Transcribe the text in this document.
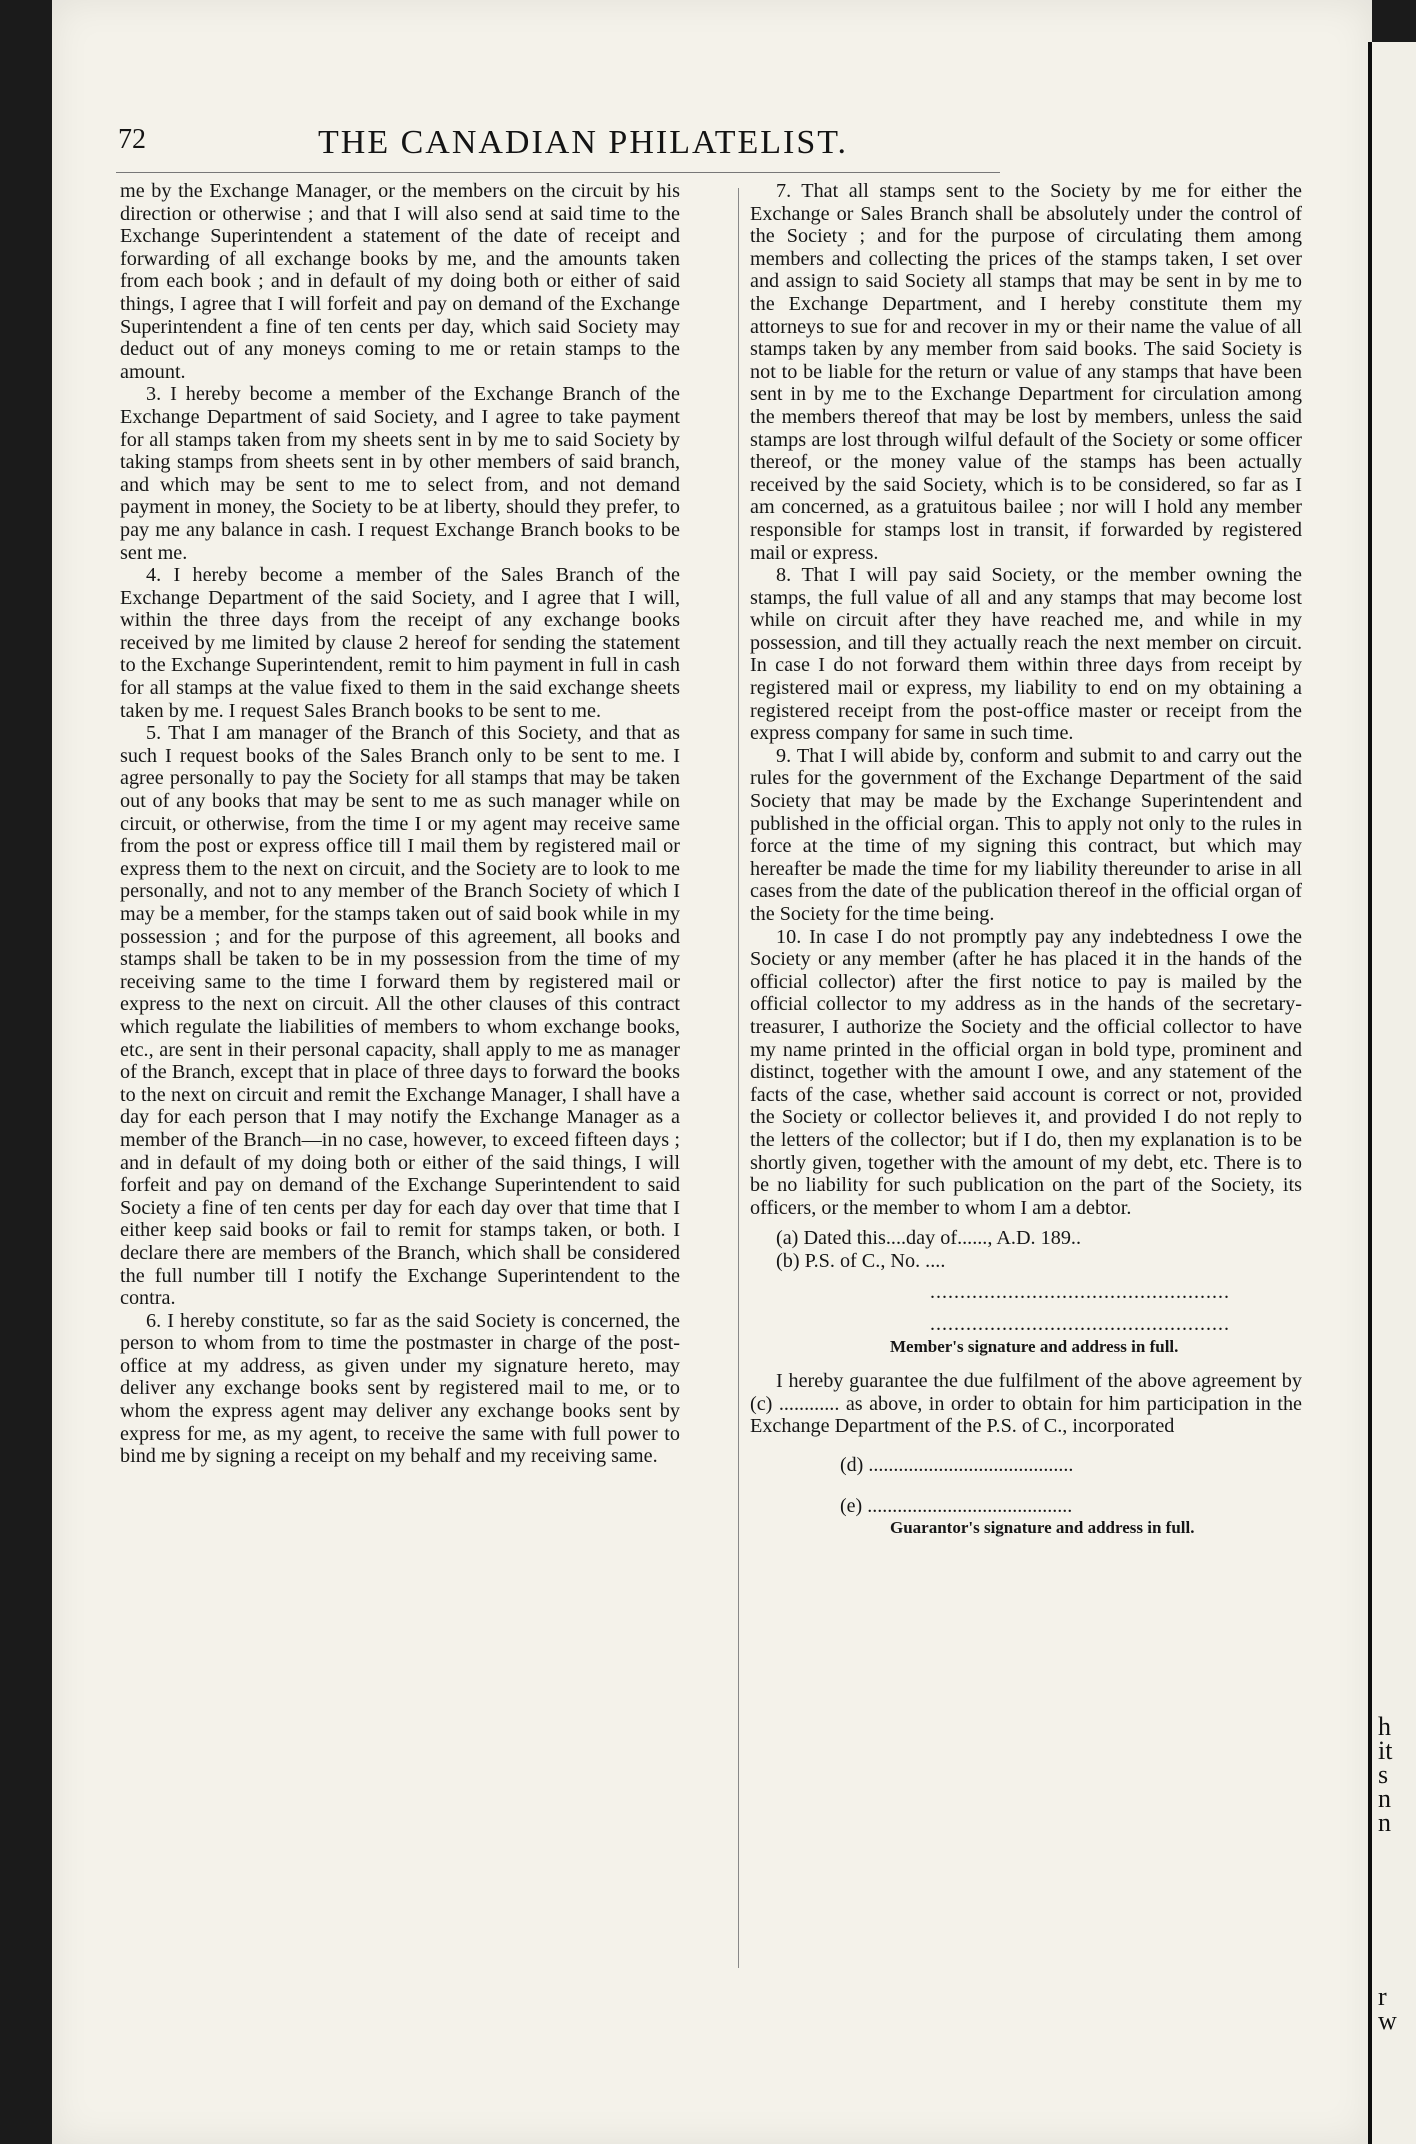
h
it
s
n
n
r
w
72	THE CANADIAN PHILATELIST.

me by the Exchange Manager, or the members on the circuit by his direction or otherwise ; and that I will also send at said time to the Exchange Superintendent a statement of the date of receipt and forwarding of all exchange books by me, and the amounts taken from each book ; and in default of my doing both or either of said things, I agree that I will forfeit and pay on demand of the Exchange Superintendent a fine of ten cents per day, which said Society may deduct out of any moneys coming to me or retain stamps to the amount.

3. I hereby become a member of the Exchange Branch of the Exchange Department of said Society, and I agree to take payment for all stamps taken from my sheets sent in by me to said Society by taking stamps from sheets sent in by other members of said branch, and which may be sent to me to select from, and not demand payment in money, the Society to be at liberty, should they prefer, to pay me any balance in cash. I request Exchange Branch books to be sent me.

4. I hereby become a member of the Sales Branch of the Exchange Department of the said Society, and I agree that I will, within the three days from the receipt of any exchange books received by me limited by clause 2 hereof for sending the statement to the Exchange Superintendent, remit to him payment in full in cash for all stamps at the value fixed to them in the said exchange sheets taken by me. I request Sales Branch books to be sent to me.

5. That I am manager of the Branch of this Society, and that as such I request books of the Sales Branch only to be sent to me. I agree personally to pay the Society for all stamps that may be taken out of any books that may be sent to me as such manager while on circuit, or otherwise, from the time I or my agent may receive same from the post or express office till I mail them by registered mail or express them to the next on circuit, and the Society are to look to me personally, and not to any member of the Branch Society of which I may be a member, for the stamps taken out of said book while in my possession ; and for the purpose of this agreement, all books and stamps shall be taken to be in my possession from the time of my receiving same to the time I forward them by registered mail or express to the next on circuit. All the other clauses of this contract which regulate the liabilities of members to whom exchange books, etc., are sent in their personal capacity, shall apply to me as manager of the Branch, except that in place of three days to forward the books to the next on circuit and remit the Exchange Manager, I shall have a day for each person that I may notify the Exchange Manager as a member of the Branch—in no case, however, to exceed fifteen days ; and in default of my doing both or either of the said things, I will forfeit and pay on demand of the Exchange Superintendent to said Society a fine of ten cents per day for each day over that time that I either keep said books or fail to remit for stamps taken, or both. I declare there are members of the Branch, which shall be considered the full number till I notify the Exchange Superintendent to the contra.

6. I hereby constitute, so far as the said Society is concerned, the person to whom from to time the postmaster in charge of the post-office at my address, as given under my signature hereto, may deliver any exchange books sent by registered mail to me, or to whom the express agent may deliver any exchange books sent by express for me, as my agent, to receive the same with full power to bind me by signing a receipt on my behalf and my receiving same.

7. That all stamps sent to the Society by me for either the Exchange or Sales Branch shall be absolutely under the control of the Society ; and for the purpose of circulating them among members and collecting the prices of the stamps taken, I set over and assign to said Society all stamps that may be sent in by me to the Exchange Department, and I hereby constitute them my attorneys to sue for and recover in my or their name the value of all stamps taken by any member from said books. The said Society is not to be liable for the return or value of any stamps that have been sent in by me to the Exchange Department for circulation among the members thereof that may be lost by members, unless the said stamps are lost through wilful default of the Society or some officer thereof, or the money value of the stamps has been actually received by the said Society, which is to be considered, so far as I am concerned, as a gratuitous bailee ; nor will I hold any member responsible for stamps lost in transit, if forwarded by registered mail or express.

8. That I will pay said Society, or the member owning the stamps, the full value of all and any stamps that may become lost while on circuit after they have reached me, and while in my possession, and till they actually reach the next member on circuit. In case I do not forward them within three days from receipt by registered mail or express, my liability to end on my obtaining a registered receipt from the post-office master or receipt from the express company for same in such time.

9. That I will abide by, conform and submit to and carry out the rules for the government of the Exchange Department of the said Society that may be made by the Exchange Superintendent and published in the official organ. This to apply not only to the rules in force at the time of my signing this contract, but which may hereafter be made the time for my liability thereunder to arise in all cases from the date of the publication thereof in the official organ of the Society for the time being.

10. In case I do not promptly pay any indebtedness I owe the Society or any member (after he has placed it in the hands of the official collector) after the first notice to pay is mailed by the official collector to my address as in the hands of the secretary-treasurer, I authorize the Society and the official collector to have my name printed in the official organ in bold type, prominent and distinct, together with the amount I owe, and any statement of the facts of the case, whether said account is correct or not, provided the Society or collector believes it, and provided I do not reply to the letters of the collector; but if I do, then my explanation is to be shortly given, together with the amount of my debt, etc. There is to be no liability for such publication on the part of the Society, its officers, or the member to whom I am a debtor.

(a) Dated this....day of......, A.D. 189..

(b) P.S. of C., No. ....

..................................................
..................................................
Member's signature and address in full.

I hereby guarantee the due fulfilment of the above agreement by (c) ............ as above, in order to obtain for him participation in the Exchange Department of the P.S. of C., incorporated

(d) .........................................
(e) .........................................
Guarantor's signature and address in full.
